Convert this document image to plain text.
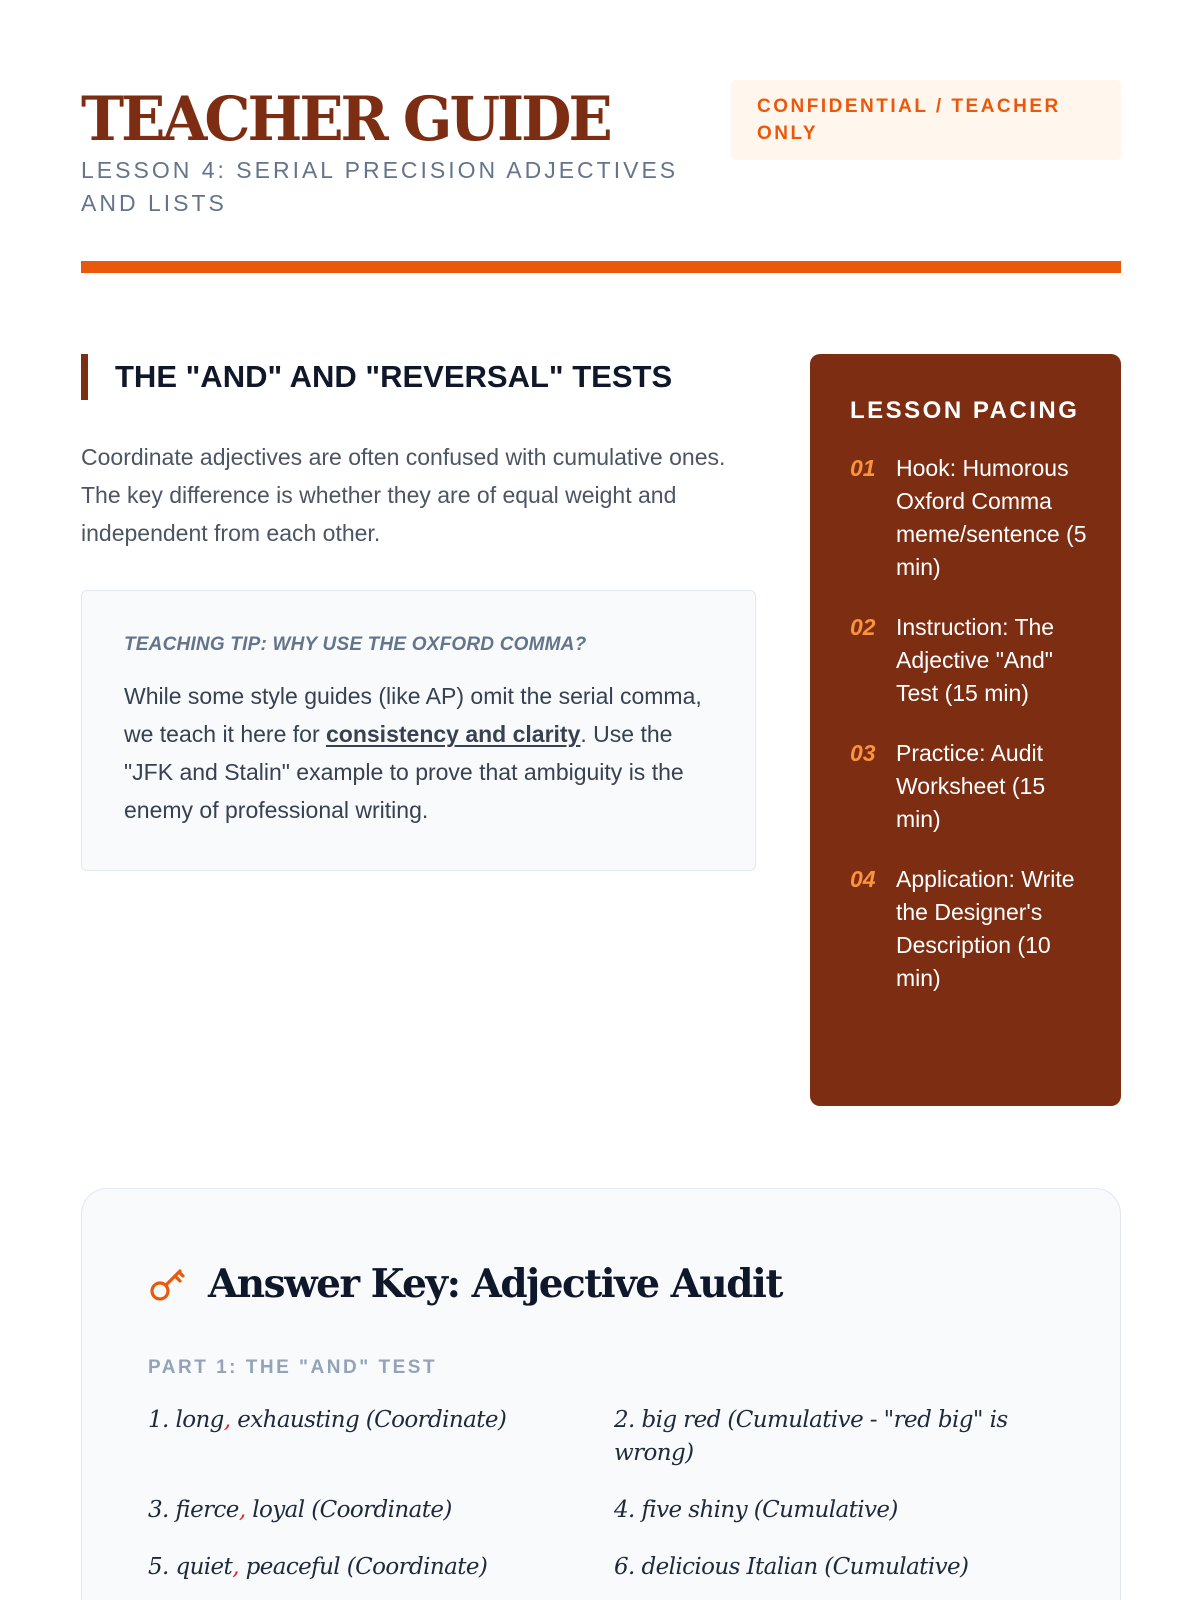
TEACHER GUIDE
LESSON 4: SERIAL PRECISION ADJECTIVES AND LISTS
CONFIDENTIAL / TEACHER ONLY
THE "AND" AND "REVERSAL" TESTS

Coordinate adjectives are often confused with cumulative ones. The key difference is whether they are of equal weight and independent from each other.

TEACHING TIP: WHY USE THE OXFORD COMMA?

While some style guides (like AP) omit the serial comma, we teach it here for consistency and clarity. Use the "JFK and Stalin" example to prove that ambiguity is the enemy of professional writing.

LESSON PACING
01 Hook: Humorous Oxford Comma meme/sentence (5 min)
02 Instruction: The Adjective "And" Test (15 min)
03 Practice: Audit Worksheet (15 min)
04 Application: Write the Designer's Description (10 min)
Answer Key: Adjective Audit
PART 1: THE "AND" TEST
1. long, exhausting (Coordinate)	2. big red (Cumulative - "red big" is wrong)
3. fierce, loyal (Coordinate)	4. five shiny (Cumulative)
5. quiet, peaceful (Coordinate)	6. delicious Italian (Cumulative)
